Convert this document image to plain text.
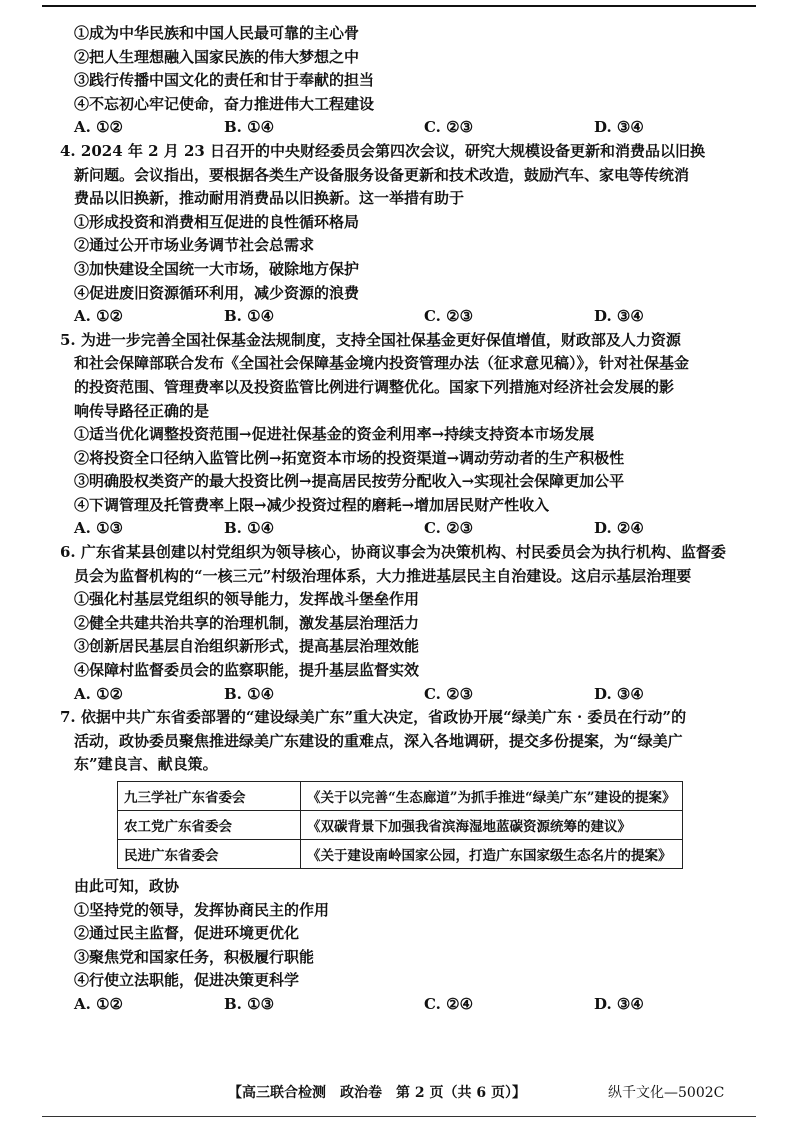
①成为中华民族和中国人民最可靠的主心骨
②把人生理想融入国家民族的伟大梦想之中
③践行传播中国文化的责任和甘于奉献的担当
④不忘初心牢记使命，奋力推进伟大工程建设
A. ①②	B. ①④	C. ②③	D. ③④
4. 2024 年 2 月 23 日召开的中央财经委员会第四次会议，研究大规模设备更新和消费品以旧换
新问题。会议指出，要根据各类生产设备服务设备更新和技术改造，鼓励汽车、家电等传统消
费品以旧换新，推动耐用消费品以旧换新。这一举措有助于
①形成投资和消费相互促进的良性循环格局
②通过公开市场业务调节社会总需求
③加快建设全国统一大市场，破除地方保护
④促进废旧资源循环利用，减少资源的浪费
A. ①②	B. ①④	C. ②③	D. ③④
5. 为进一步完善全国社保基金法规制度，支持全国社保基金更好保值增值，财政部及人力资源
和社会保障部联合发布《全国社会保障基金境内投资管理办法（征求意见稿）》，针对社保基金
的投资范围、管理费率以及投资监管比例进行调整优化。国家下列措施对经济社会发展的影
响传导路径正确的是
①适当优化调整投资范围→促进社保基金的资金利用率→持续支持资本市场发展
②将投资全口径纳入监管比例→拓宽资本市场的投资渠道→调动劳动者的生产积极性
③明确股权类资产的最大投资比例→提高居民按劳分配收入→实现社会保障更加公平
④下调管理及托管费率上限→减少投资过程的磨耗→增加居民财产性收入
A. ①③	B. ①④	C. ②③	D. ②④
6. 广东省某县创建以村党组织为领导核心，协商议事会为决策机构、村民委员会为执行机构、监督委
员会为监督机构的“一核三元”村级治理体系，大力推进基层民主自治建设。这启示基层治理要
①强化村基层党组织的领导能力，发挥战斗堡垒作用
②健全共建共治共享的治理机制，激发基层治理活力
③创新居民基层自治组织新形式，提高基层治理效能
④保障村监督委员会的监察职能，提升基层监督实效
A. ①②	B. ①④	C. ②③	D. ③④
7. 依据中共广东省委部署的“建设绿美广东”重大决定，省政协开展“绿美广东 · 委员在行动”的
活动，政协委员聚焦推进绿美广东建设的重难点，深入各地调研，提交多份提案，为“绿美广
东”建良言、献良策。
九三学社广东省委会	《关于以完善“生态廊道”为抓手推进“绿美广东”建设的提案》
农工党广东省委会	《双碳背景下加强我省滨海湿地蓝碳资源统筹的建议》
民进广东省委会	《关于建设南岭国家公园，打造广东国家级生态名片的提案》
由此可知，政协
①坚持党的领导，发挥协商民主的作用
②通过民主监督，促进环境更优化
③聚焦党和国家任务，积极履行职能
④行使立法职能，促进决策更科学
A. ①②	B. ①③	C. ②④	D. ③④
【高三联合检测　政治卷　第 2 页（共 6 页）】	纵千文化—5002C
